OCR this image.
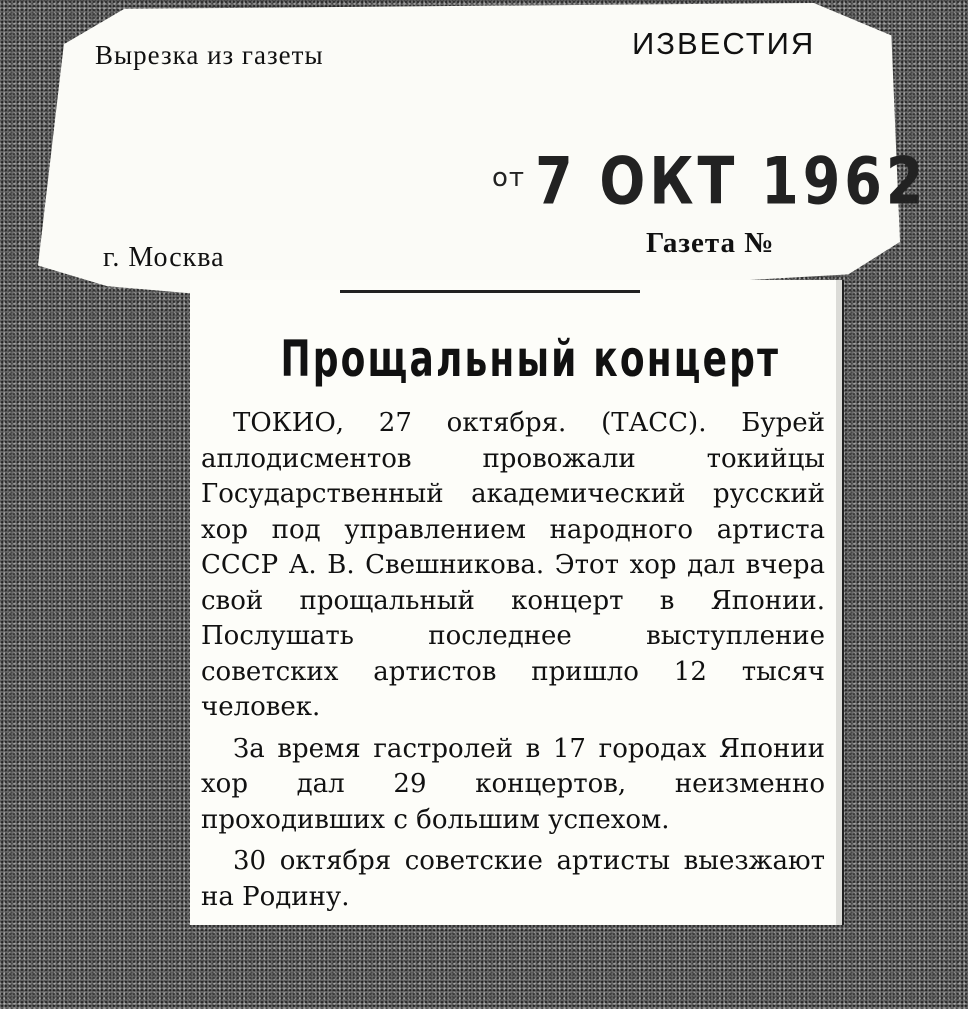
Вырезка из газеты	ИЗВЕСТИЯ
от 7 ОКТ 1962
г. Москва	Газета №
Прощальный концерт

ТОКИО, 27 октября. (ТАСС). Бурей аплодисментов провожали токийцы Государственный академический русский хор под управлением народного артиста СССР А. В. Свешникова. Этот хор дал вчера свой прощальный концерт в Японии. Послушать последнее выступление советских артистов пришло 12 тысяч человек.

За время гастролей в 17 городах Японии хор дал 29 концертов, неизменно проходивших с большим успехом.

30 октября советские артисты выезжают на Родину.
